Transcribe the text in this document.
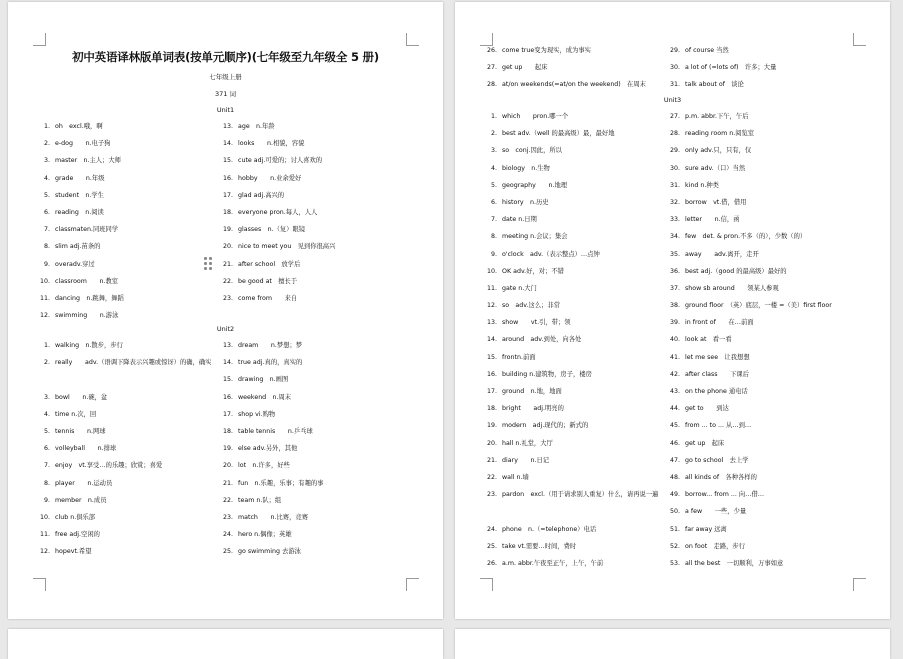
初中英语译林版单词表(按单元顺序)(七年级至九年级全 5 册)
七年级上册
371 词
Unit1
1. oh　excl.哦，啊
2. e-dog　　n.电子狗
3. master　n.主人；大师
4. grade　　n.年级
5. student　n.学生
6. reading　n.阅读
7. classmaten.同班同学
8. slim adj.苗条的
9. overadv.穿过
10. classroom　　n.教室
11. dancing　n.跳舞，舞蹈
12. swimming　　n.游泳
13. age　n.年龄
14. looks　　n.相貌，容貌
15. cute adj.可爱的；讨人喜欢的
16. hobby　　n.业余爱好
17. glad adj.高兴的
18. everyone pron.每人，人人
19. glasses　n.（复）眼镜
20. nice to meet you　见到你很高兴
21. after school　放学后
22. be good at　擅长于
23. come from　　来自
Unit2
1. walking　n.散步，步行
2. really　　adv.（语调下降表示兴趣或惊讶）的确，确实
3. bowl　　n.碗，盆
4. time n.次，回
5. tennis　　n.网球
6. volleyball　　n.排球
7. enjoy　vt.享受…的乐趣；欣赏；喜爱
8. player　　n.运动员
9. member　n.成员
10. club n.俱乐部
11. free adj.空闲的
12. hopevt.希望
13. dream　　n.梦想；梦
14. true adj.真的，真实的
15. drawing　n.画图
16. weekend　n.周末
17. shop vi.购物
18. table tennis　　n.乒乓球
19. else adv.另外，其他
20. lot　n.许多，好些
21. fun　n.乐趣，乐事；有趣的事
22. team n.队；组
23. match　　n.比赛，竞赛
24. hero n.偶像；英雄
25. go swimming 去游泳
26. come true变为现实，成为事实
27. get up　　起床
28. at/on weekends(=at/on the weekend)　在周末
29. of course 当然
30. a lot of (=lots of)　许多；大量
31. talk about of　谈论
Unit3
1. which　　pron.哪一个
2. best adv.（well 的最高级）最，最好地
3. so　conj.因此，所以
4. biology　n.生物
5. geography　　n.地理
6. history　n.历史
7. date n.日期
8. meeting n.会议；集会
9. o'clock　adv.（表示整点）…点钟
10. OK adv.好，对；不错
11. gate n.大门
12. so　adv.这么；非常
13. show　　vt.引，带；领
14. around　adv.到处，向各处
15. frontn.前面
16. building n.建筑物，房子，楼房
17. ground　n.地，地面
18. bright　　adj.明亮的
19. modern　adj.现代的；新式的
20. hall n.礼堂，大厅
21. diary　　n.日记
22. wall n.墙
23. pardon　excl.（用于请求别人重复）什么，请再说一遍
24. phone　n.（=telephone）电话
25. take vt.需要…时间，费时
26. a.m. abbr.午夜至正午，上午，午前
27. p.m. abbr.下午，午后
28. reading room n.阅览室
29. only adv.只，只有，仅
30. sure adv.（口）当然
31. kind n.种类
32. borrow　vt.借，借用
33. letter　　n.信，函
34. few　det. & pron.不多（的），少数（的）
35. away　　adv.离开，走开
36. best adj.（good 的最高级）最好的
37. show sb around　　领某人参观
38. ground floor　（英）底层，一楼 =（美）first floor
39. in front of　　在…前面
40. look at　看一看
41. let me see　让我想想
42. after class　　下课后
43. on the phone 通电话
44. get to　　到达
45. from ... to ... 从…到…
46. get up　起床
47. go to school　去上学
48. all kinds of　各种各样的
49. borrow... from ... 向…借…
50. a few　　一些，少量
51. far away 远离
52. on foot　走路，步行
53. all the best　一切顺利，万事如意
